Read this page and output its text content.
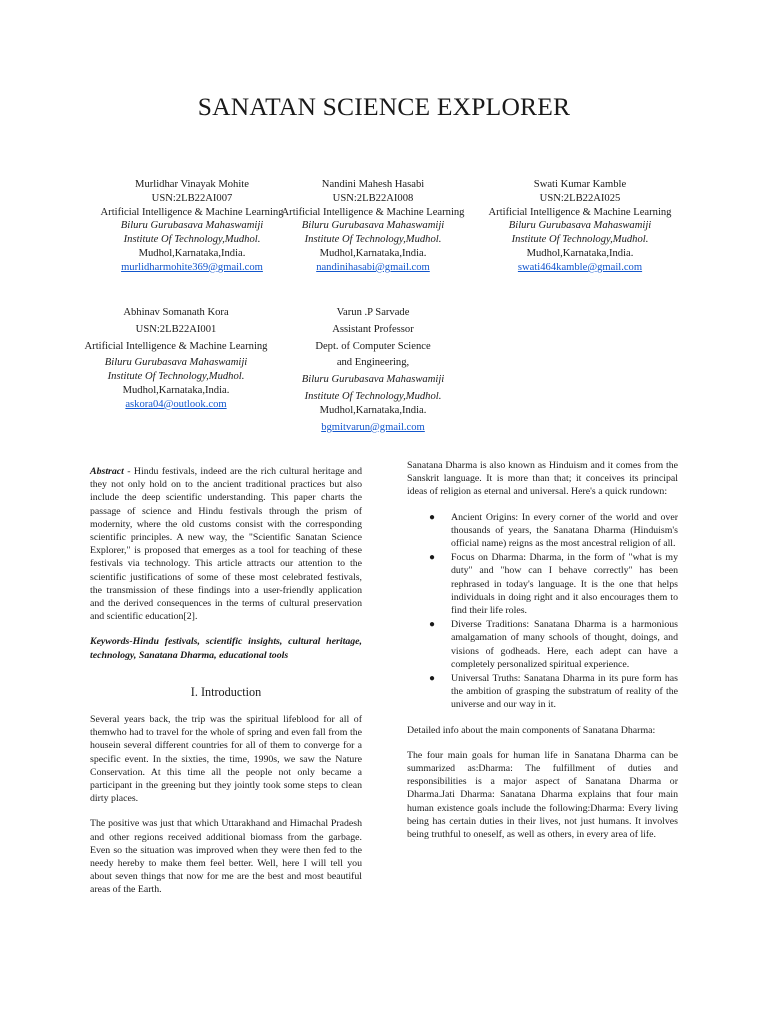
SANATAN SCIENCE EXPLORER
Murlidhar Vinayak Mohite
USN:2LB22AI007
Artificial Intelligence & Machine Learning
Biluru Gurubasava Mahaswamiji
Institute Of Technology,Mudhol.
Mudhol,Karnataka,India.
murlidharmohite369@gmail.com
Nandini Mahesh Hasabi
USN:2LB22AI008
Artificial Intelligence & Machine Learning
Biluru Gurubasava Mahaswamiji
Institute Of Technology,Mudhol.
Mudhol,Karnataka,India.
nandinihasabi@gmail.com
Swati Kumar Kamble
USN:2LB22AI025
Artificial Intelligence & Machine Learning
Biluru Gurubasava Mahaswamiji
Institute Of Technology,Mudhol.
Mudhol,Karnataka,India.
swati464kamble@gmail.com
Abhinav Somanath Kora
USN:2LB22AI001
Artificial Intelligence & Machine Learning
Biluru Gurubasava Mahaswamiji
Institute Of Technology,Mudhol.
Mudhol,Karnataka,India.
askora04@outlook.com
Varun .P Sarvade
Assistant Professor
Dept. of Computer Science
and Engineering,
Biluru Gurubasava Mahaswamiji
Institute Of Technology,Mudhol.
Mudhol,Karnataka,India.
bgmitvarun@gmail.com

Abstract - Hindu festivals, indeed are the rich cultural heritage and they not only hold on to the ancient traditional practices but also include the deep scientific understanding. This paper charts the passage of science and Hindu festivals through the prism of modernity, where the old customs consist with the corresponding scientific principles. A new way, the "Scientific Sanatan Science Explorer," is proposed that emerges as a tool for teaching of these festivals via technology. This article attracts our attention to the scientific justifications of some of these most celebrated festivals, the transmission of these findings into a user-friendly application and the derived consequences in the terms of cultural preservation and scientific education[2].

Keywords-Hindu festivals, scientific insights, cultural heritage, technology, Sanatana Dharma, educational tools

I. Introduction

Several years back, the trip was the spiritual lifeblood for all of themwho had to travel for the whole of spring and even fall from the housein several different countries for all of them to converge for a specific event. In the sixties, the time, 1990s, we saw the Nature Conservation. At this time all the people not only became a participant in the greening but they jointly took some steps to clean dirty places.

The positive was just that which Uttarakhand and Himachal Pradesh and other regions received additional biomass from the garbage. Even so the situation was improved when they were then fed to the needy hereby to make them feel better. Well, here I will tell you about seven things that now for me are the best and most beautiful areas of the Earth.

Sanatana Dharma is also known as Hinduism and it comes from the Sanskrit language. It is more than that; it conceives its principal ideas of religion as eternal and universal. Here's a quick rundown:

● Ancient Origins: In every corner of the world and over thousands of years, the Sanatana Dharma (Hinduism's official name) reigns as the most ancestral religion of all.
● Focus on Dharma: Dharma, in the form of "what is my duty" and "how can I behave correctly" has been rephrased in today's language. It is the one that helps individuals in doing right and it also encourages them to find their life roles.
● Diverse Traditions: Sanatana Dharma is a harmonious amalgamation of many schools of thought, doings, and visions of godheads. Here, each adept can have a completely personalized spiritual experience.
● Universal Truths: Sanatana Dharma in its pure form has the ambition of grasping the substratum of reality of the universe and our way in it.

Detailed info about the main components of Sanatana Dharma:

The four main goals for human life in Sanatana Dharma can be summarized as:Dharma: The fulfillment of duties and responsibilities is a major aspect of Sanatana Dharma or Dharma.Jati Dharma: Sanatana Dharma explains that four main human existence goals include the following:Dharma: Every living being has certain duties in their lives, not just humans. It involves being truthful to oneself, as well as others, in every area of life.
